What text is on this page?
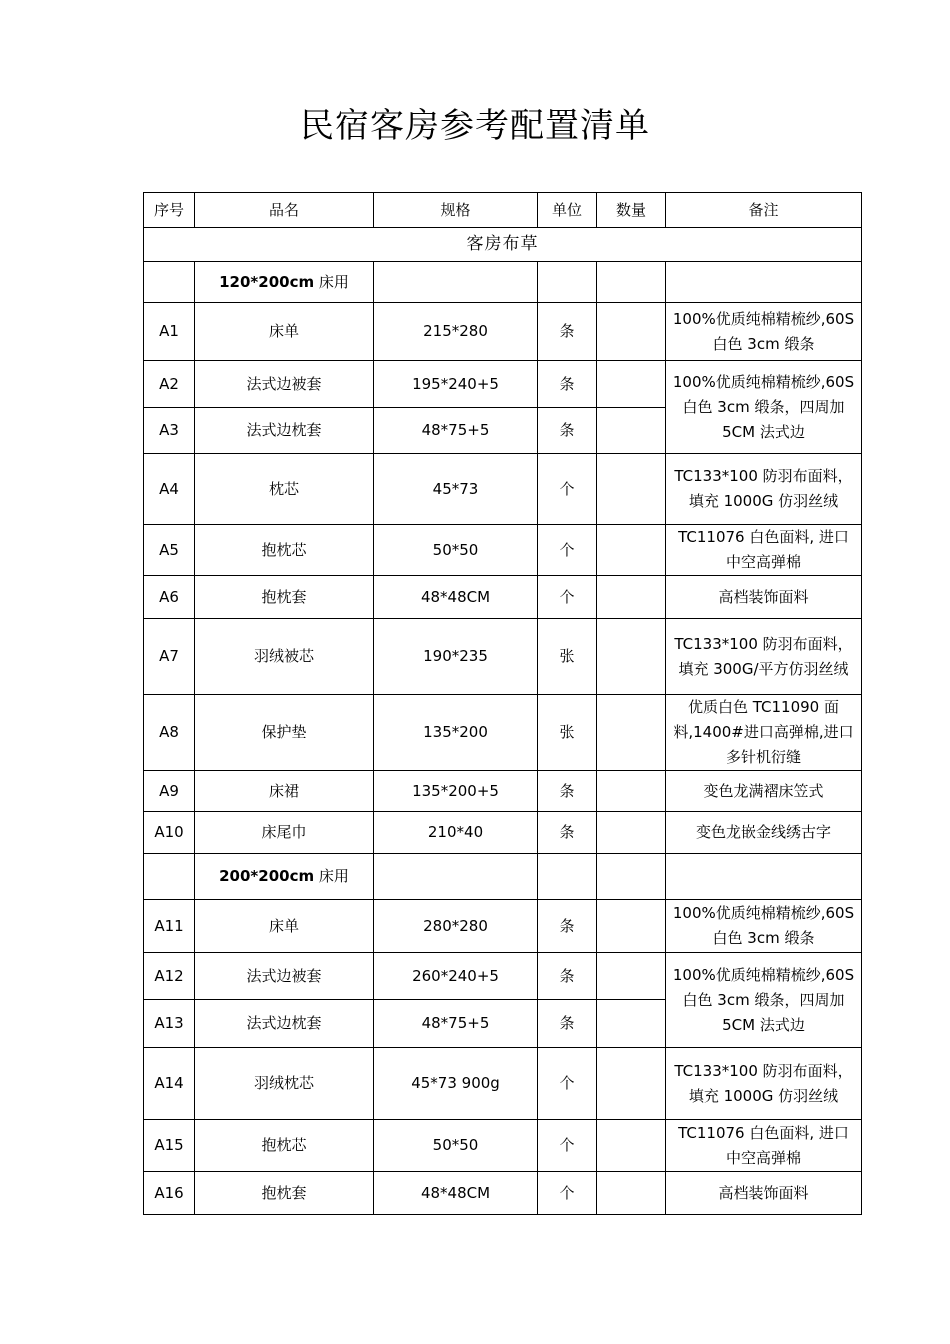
民宿客房参考配置清单
序号	品名	规格	单位	数量	备注
客房布草					
	120*200cm 床用				
A1	床单	215*280	条		100%优质纯棉精梳纱,60S 白色 3cm 缎条
A2	法式边被套	195*240+5	条		100%优质纯棉精梳纱,60S 白色 3cm 缎条，四周加 5CM 法式边
A3	法式边枕套	48*75+5	条		
A4	枕芯	45*73	个		TC133*100 防羽布面料，填充 1000G 仿羽丝绒
A5	抱枕芯	50*50	个		TC11076 白色面料, 进口中空高弹棉
A6	抱枕套	48*48CM	个		高档装饰面料
A7	羽绒被芯	190*235	张		TC133*100 防羽布面料，填充 300G/平方仿羽丝绒
A8	保护垫	135*200	张		优质白色 TC11090 面料,1400#进口高弹棉,进口多针机衍缝
A9	床裙	135*200+5	条		变色龙满褶床笠式
A10	床尾巾	210*40	条		变色龙嵌金线绣古字
	200*200cm 床用				
A11	床单	280*280	条		100%优质纯棉精梳纱,60S 白色 3cm 缎条
A12	法式边被套	260*240+5	条		100%优质纯棉精梳纱,60S 白色 3cm 缎条，四周加 5CM 法式边
A13	法式边枕套	48*75+5	条		
A14	羽绒枕芯	45*73 900g	个		TC133*100 防羽布面料，填充 1000G 仿羽丝绒
A15	抱枕芯	50*50	个		TC11076 白色面料, 进口中空高弹棉
A16	抱枕套	48*48CM	个		高档装饰面料
